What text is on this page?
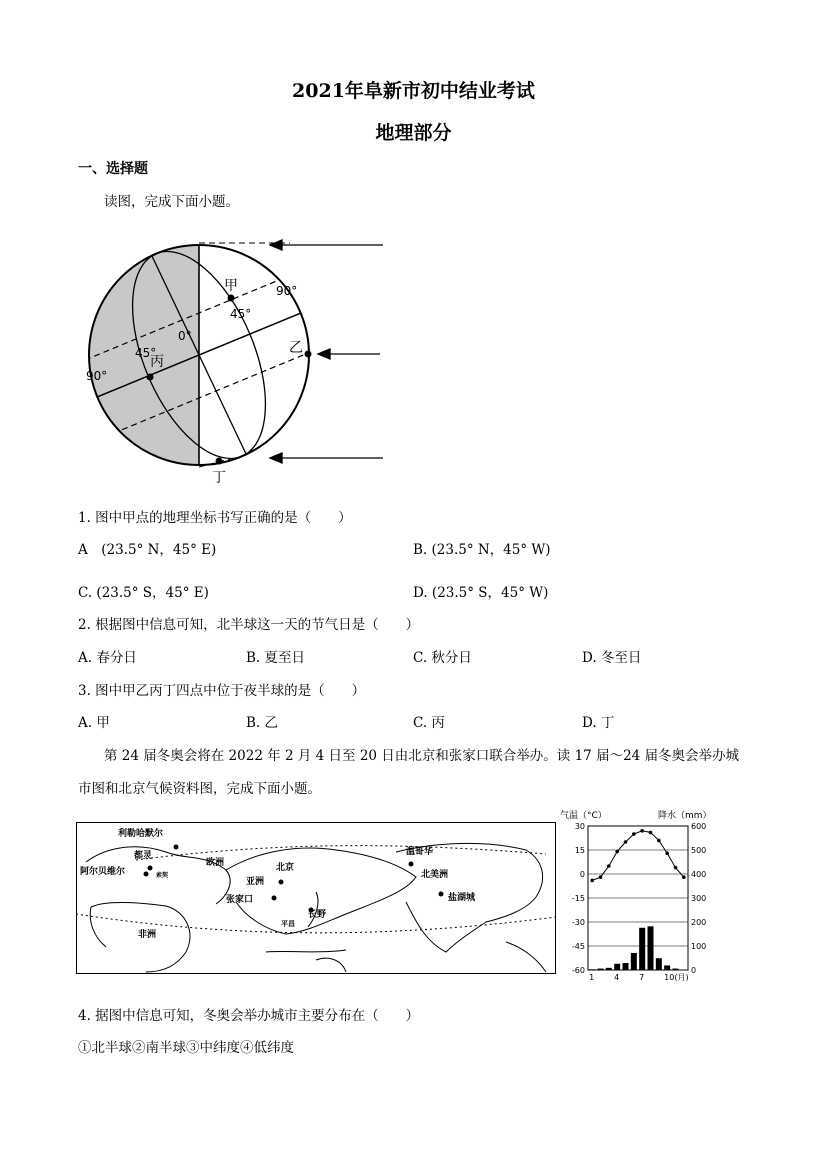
2021年阜新市初中结业考试
地理部分
一、选择题
读图，完成下面小题。
甲
乙
丙
丁
90°
45°
0°
45°
90°
1. 图中甲点的地理坐标书写正确的是（　　）
A　(23.5° N，45° E)	B. (23.5° N，45° W)
C. (23.5° S，45° E)	D. (23.5° S，45° W)
2. 根据图中信息可知，北半球这一天的节气日是（　　）
A. 春分日	B. 夏至日	C. 秋分日	D. 冬至日
3. 图中甲乙丙丁四点中位于夜半球的是（　　）
A. 甲	B. 乙	C. 丙	D. 丁
第 24 届冬奥会将在 2022 年 2 月 4 日至 20 日由北京和张家口联合举办。读 17 届～24 届冬奥会举办城
市图和北京气候资料图，完成下面小题。
利勒哈默尔
都灵
阿尔贝维尔
欧洲
亚洲
北京
张家口
长野
温哥华
北美洲
盐湖城
非洲
平昌
索契
气温（°C）	降水（mm）
30	600
15	500
0	400
-15	300
-30	200
-45	100
-60	0
1 4 7 10(月)
4. 据图中信息可知，冬奥会举办城市主要分布在（　　）
①北半球②南半球③中纬度④低纬度
